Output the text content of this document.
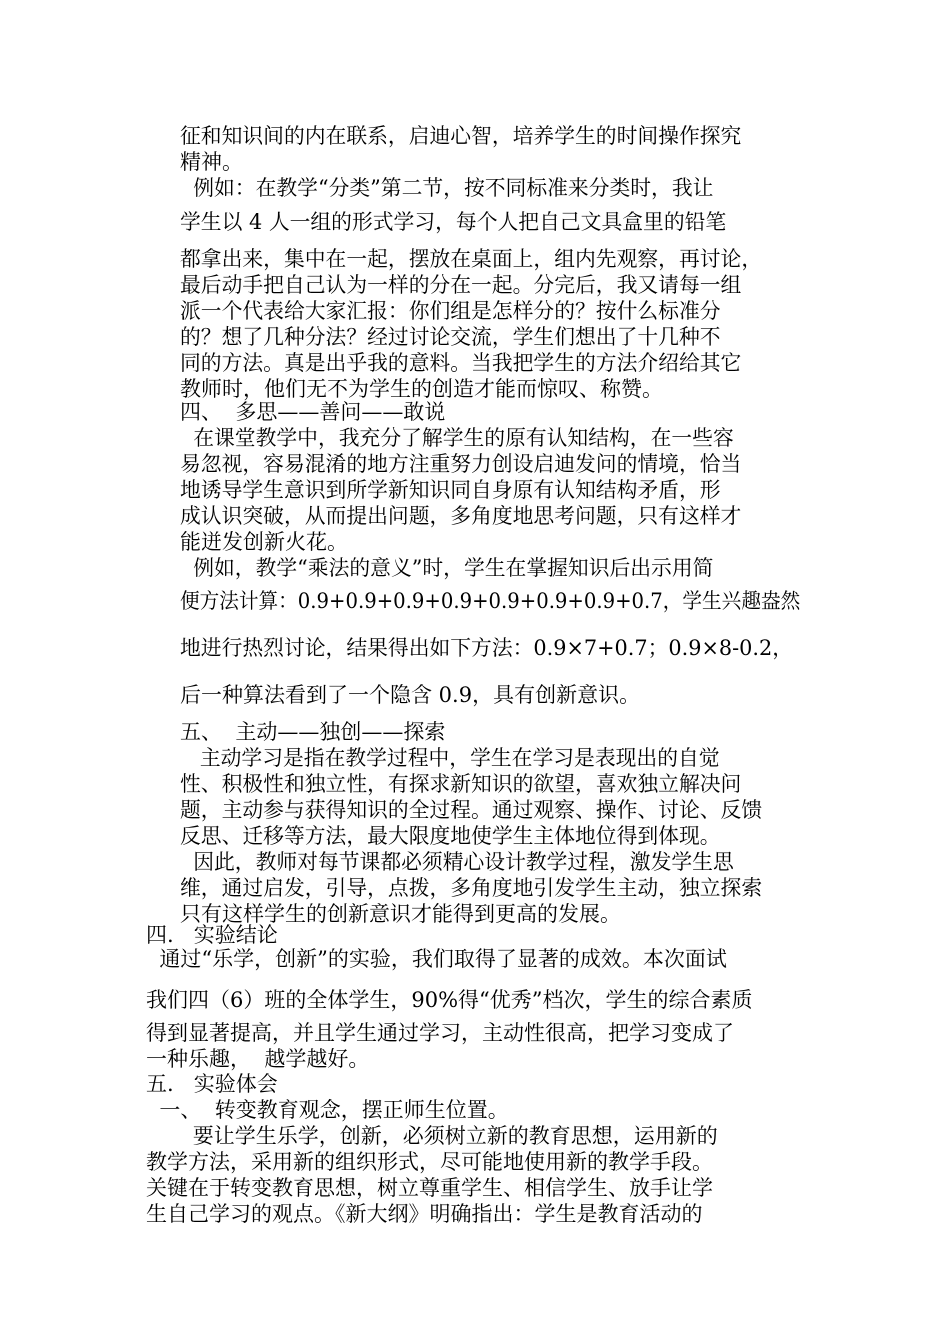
征和知识间的内在联系，启迪心智，培养学生的时间操作探究
精神。
例如：在教学“分类”第二节，按不同标准来分类时，我让
学生以 4 人一组的形式学习，每个人把自己文具盒里的铅笔
都拿出来，集中在一起，摆放在桌面上，组内先观察，再讨论，
最后动手把自己认为一样的分在一起。分完后，我又请每一组
派一个代表给大家汇报：你们组是怎样分的？按什么标准分
的？想了几种分法？经过讨论交流，学生们想出了十几种不
同的方法。真是出乎我的意料。当我把学生的方法介绍给其它
教师时，他们无不为学生的创造才能而惊叹、称赞。
四、  多思——善问——敢说
在课堂教学中，我充分了解学生的原有认知结构，在一些容
易忽视，容易混淆的地方注重努力创设启迪发问的情境，恰当
地诱导学生意识到所学新知识同自身原有认知结构矛盾，形
成认识突破，从而提出问题，多角度地思考问题，只有这样才
能迸发创新火花。
例如，教学“乘法的意义”时，学生在掌握知识后出示用简
便方法计算：0.9+0.9+0.9+0.9+0.9+0.9+0.9+0.7，学生兴趣盎然
地进行热烈讨论，结果得出如下方法：0.9×7+0.7；0.9×8-0.2，
后一种算法看到了一个隐含 0.9，具有创新意识。
五、  主动——独创——探索
主动学习是指在教学过程中，学生在学习是表现出的自觉
性、积极性和独立性，有探求新知识的欲望，喜欢独立解决问
题，主动参与获得知识的全过程。通过观察、操作、讨论、反馈
反思、迁移等方法，最大限度地使学生主体地位得到体现。
因此，教师对每节课都必须精心设计教学过程，激发学生思
维，通过启发，引导，点拨，多角度地引发学生主动，独立探索
只有这样学生的创新意识才能得到更高的发展。
四.   实验结论
通过“乐学，创新”的实验，我们取得了显著的成效。本次面试
我们四（6）班的全体学生，90%得“优秀”档次，学生的综合素质
得到显著提高，并且学生通过学习，主动性很高，把学习变成了
一种乐趣，  越学越好。
五.   实验体会
一、  转变教育观念，摆正师生位置。
要让学生乐学，创新，必须树立新的教育思想，运用新的
教学方法，采用新的组织形式，尽可能地使用新的教学手段。
关键在于转变教育思想，树立尊重学生、相信学生、放手让学
生自己学习的观点。《新大纲》明确指出：学生是教育活动的
